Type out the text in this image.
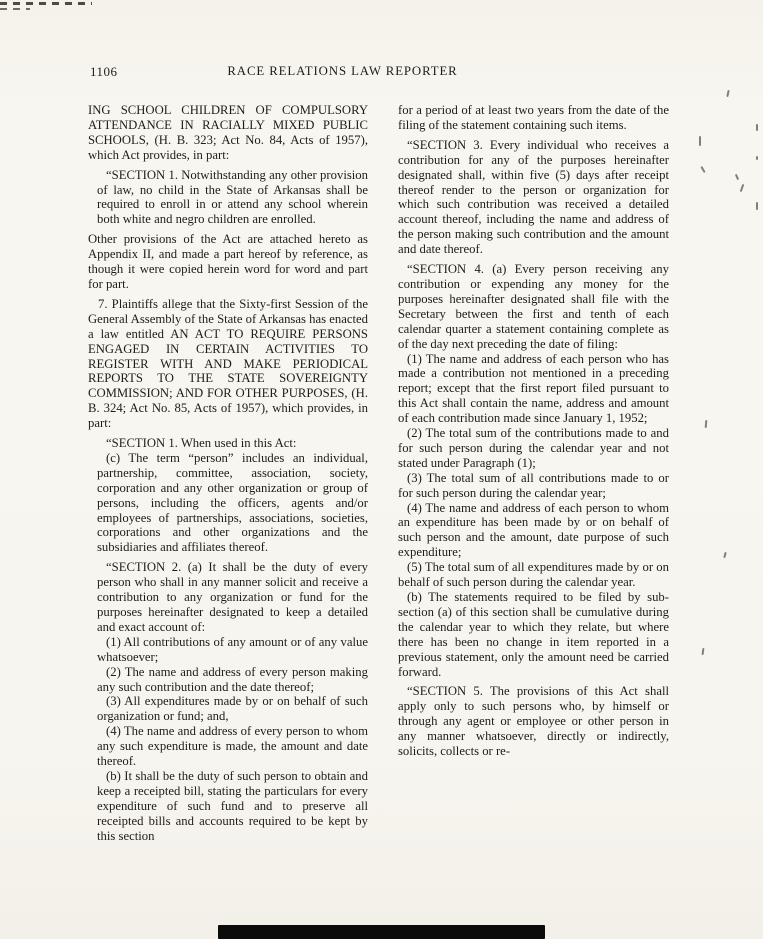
1106	RACE RELATIONS LAW REPORTER

ING SCHOOL CHILDREN OF COMPULSORY ATTENDANCE IN RACIALLY MIXED PUBLIC SCHOOLS, (H. B. 323; Act No. 84, Acts of 1957), which Act provides, in part:

“SECTION 1. Notwithstanding any other provision of law, no child in the State of Arkansas shall be required to enroll in or attend any school wherein both white and negro children are enrolled.

Other provisions of the Act are attached hereto as Appendix II, and made a part hereof by reference, as though it were copied herein word for word and part for part.

7. Plaintiffs allege that the Sixty-first Session of the General Assembly of the State of Arkansas has enacted a law entitled AN ACT TO REQUIRE PERSONS ENGAGED IN CERTAIN ACTIVITIES TO REGISTER WITH AND MAKE PERIODICAL REPORTS TO THE STATE SOVEREIGNTY COMMISSION; AND FOR OTHER PURPOSES, (H. B. 324; Act No. 85, Acts of 1957), which provides, in part:

“SECTION 1. When used in this Act:

(c) The term “person” includes an individual, partnership, committee, association, society, corporation and any other organization or group of persons, including the officers, agents and/or employees of partnerships, associations, societies, corporations and other organizations and the subsidiaries and affiliates thereof.

“SECTION 2. (a) It shall be the duty of every person who shall in any manner solicit and receive a contribution to any organization or fund for the purposes hereinafter designated to keep a detailed and exact account of:

(1) All contributions of any amount or of any value whatsoever;

(2) The name and address of every person making any such contribution and the date thereof;

(3) All expenditures made by or on behalf of such organization or fund; and,

(4) The name and address of every person to whom any such expenditure is made, the amount and date thereof.

(b) It shall be the duty of such person to obtain and keep a receipted bill, stating the particulars for every expenditure of such fund and to preserve all receipted bills and accounts required to be kept by this section

for a period of at least two years from the date of the filing of the statement containing such items.

“SECTION 3. Every individual who receives a contribution for any of the purposes hereinafter designated shall, within five (5) days after receipt thereof render to the person or organization for which such contribution was received a detailed account thereof, including the name and address of the person making such contribution and the amount and date thereof.

“SECTION 4. (a) Every person receiving any contribution or expending any money for the purposes hereinafter designated shall file with the Secretary between the first and tenth of each calendar quarter a statement containing complete as of the day next preceding the date of filing:

(1) The name and address of each person who has made a contribution not mentioned in a preceding report; except that the first report filed pursuant to this Act shall contain the name, address and amount of each contribution made since January 1, 1952;

(2) The total sum of the contributions made to and for such person during the calendar year and not stated under Paragraph (1);

(3) The total sum of all contributions made to or for such person during the calendar year;

(4) The name and address of each person to whom an expenditure has been made by or on behalf of such person and the amount, date purpose of such expenditure;

(5) The total sum of all expenditures made by or on behalf of such person during the calendar year.

(b) The statements required to be filed by sub-section (a) of this section shall be cumulative during the calendar year to which they relate, but where there has been no change in item reported in a previous statement, only the amount need be carried forward.

“SECTION 5. The provisions of this Act shall apply only to such persons who, by himself or through any agent or employee or other person in any manner whatsoever, directly or indirectly, solicits, collects or re-
